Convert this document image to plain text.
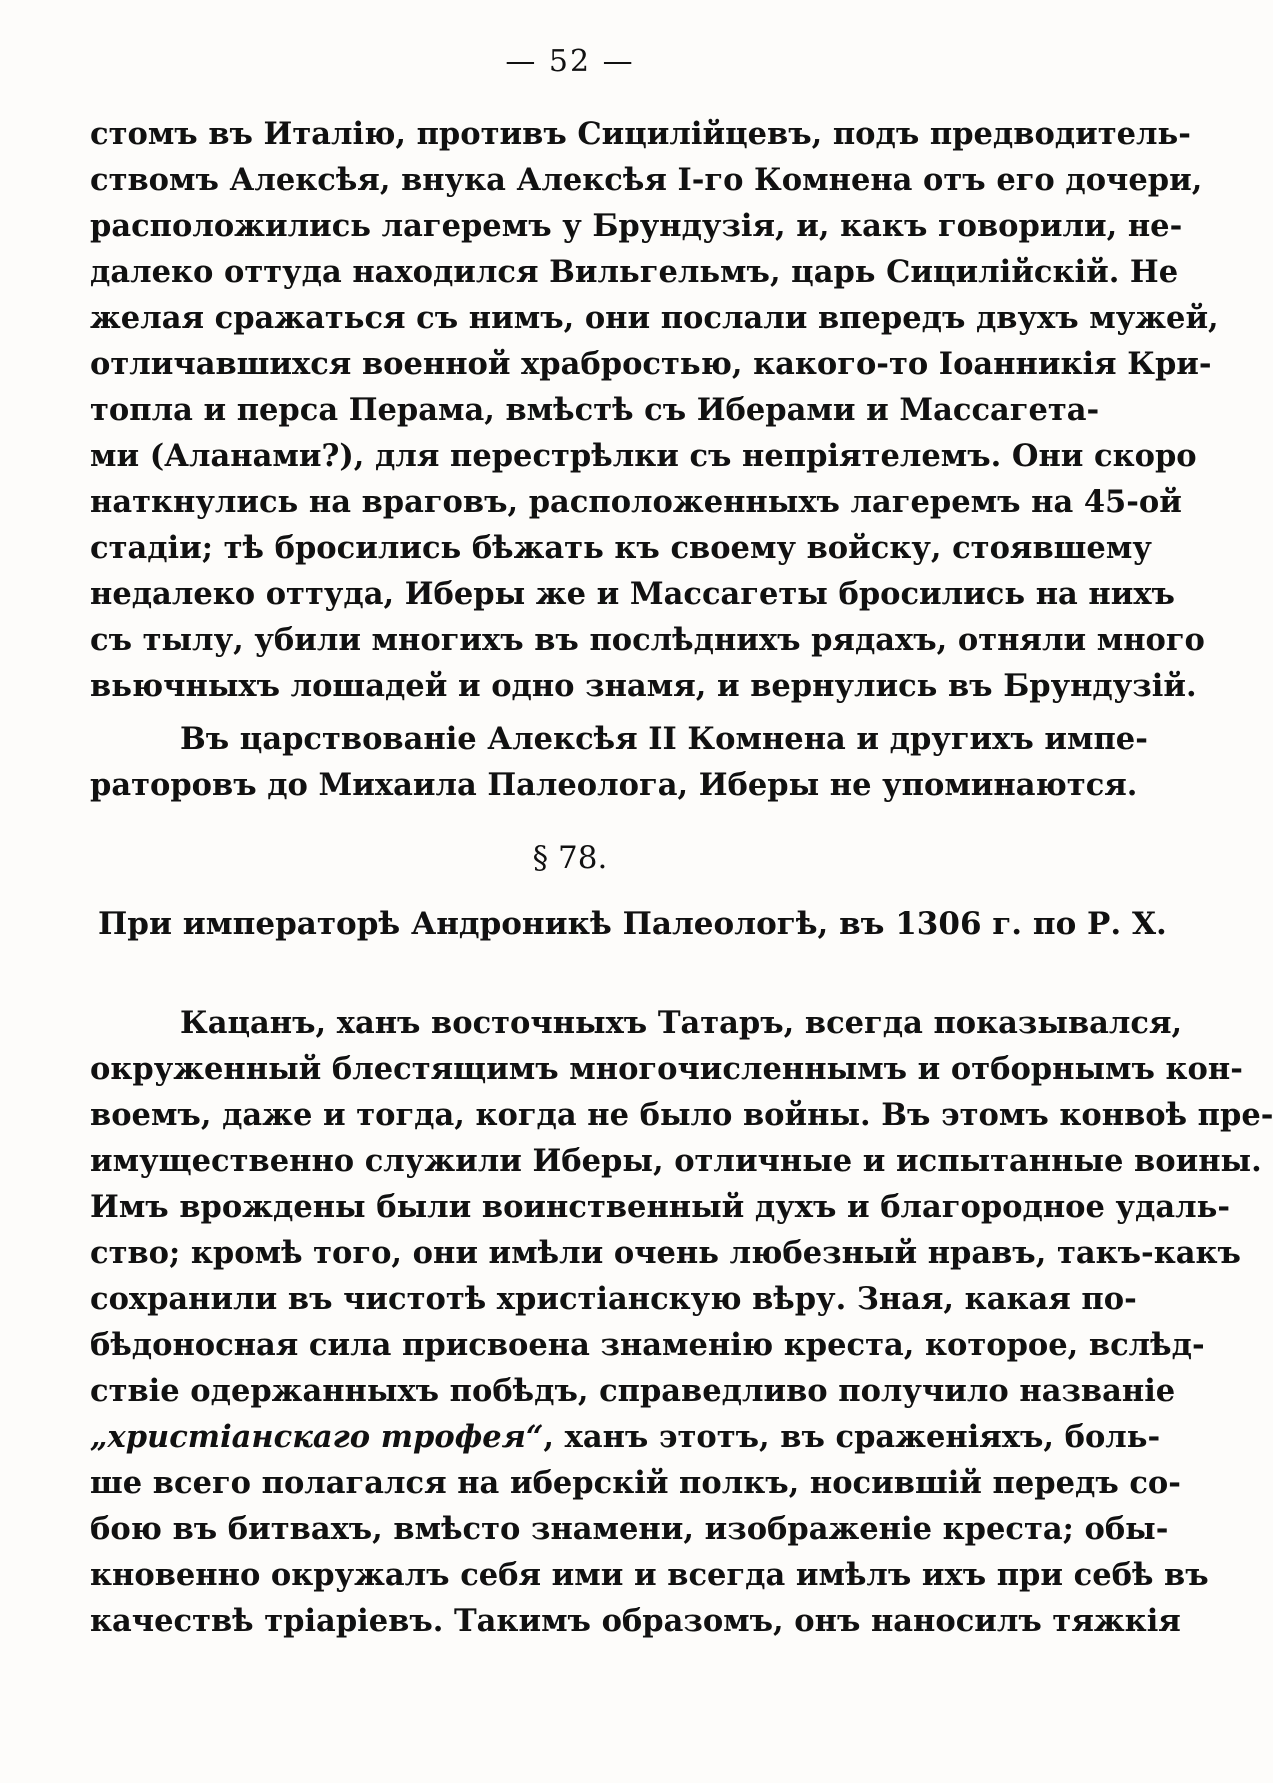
— 52 —
стомъ въ Италію, противъ Сицилійцевъ, подъ предводитель-
ствомъ Алексѣя, внука Алексѣя I-го Комнена отъ его дочери,
расположились лагеремъ у Брундузія, и, какъ говорили, не-
далеко оттуда находился Вильгельмъ, царь Сицилійскій. Не
желая сражаться съ нимъ, они послали впередъ двухъ мужей,
отличавшихся военной храбростью, какого-то Іоанникія Кри-
топла и перса Перама, вмѣстѣ съ Иберами и Массагета-
ми (Аланами?), для перестрѣлки съ непріятелемъ. Они скоро
наткнулись на враговъ, расположенныхъ лагеремъ на 45-ой
стадіи; тѣ бросились бѣжать къ своему войску, стоявшему
недалеко оттуда, Иберы же и Массагеты бросились на нихъ
съ тылу, убили многихъ въ послѣднихъ рядахъ, отняли много
вьючныхъ лошадей и одно знамя, и вернулись въ Брундузій.
Въ царствованіе Алексѣя II Комнена и другихъ импе-
раторовъ до Михаила Палеолога, Иберы не упоминаются.
§ 78.
При императорѣ Андроникѣ Палеологѣ, въ 1306 г. по Р. Х.
Кацанъ, ханъ восточныхъ Татаръ, всегда показывался,
окруженный блестящимъ многочисленнымъ и отборнымъ кон-
воемъ, даже и тогда, когда не было войны. Въ этомъ конвоѣ пре-
имущественно служили Иберы, отличные и испытанные воины.
Имъ врождены были воинственный духъ и благородное удаль-
ство; кромѣ того, они имѣли очень любезный нравъ, такъ-какъ
сохранили въ чистотѣ христіанскую вѣру. Зная, какая по-
бѣдоносная сила присвоена знаменію креста, которое, вслѣд-
ствіе одержанныхъ побѣдъ, справедливо получило названіе
„христіанскаго трофея“, ханъ этотъ, въ сраженіяхъ, боль-
ше всего полагался на иберскій полкъ, носившій передъ со-
бою въ битвахъ, вмѣсто знамени, изображеніе креста; обы-
кновенно окружалъ себя ими и всегда имѣлъ ихъ при себѣ въ
качествѣ тріаріевъ. Такимъ образомъ, онъ наносилъ тяжкія
